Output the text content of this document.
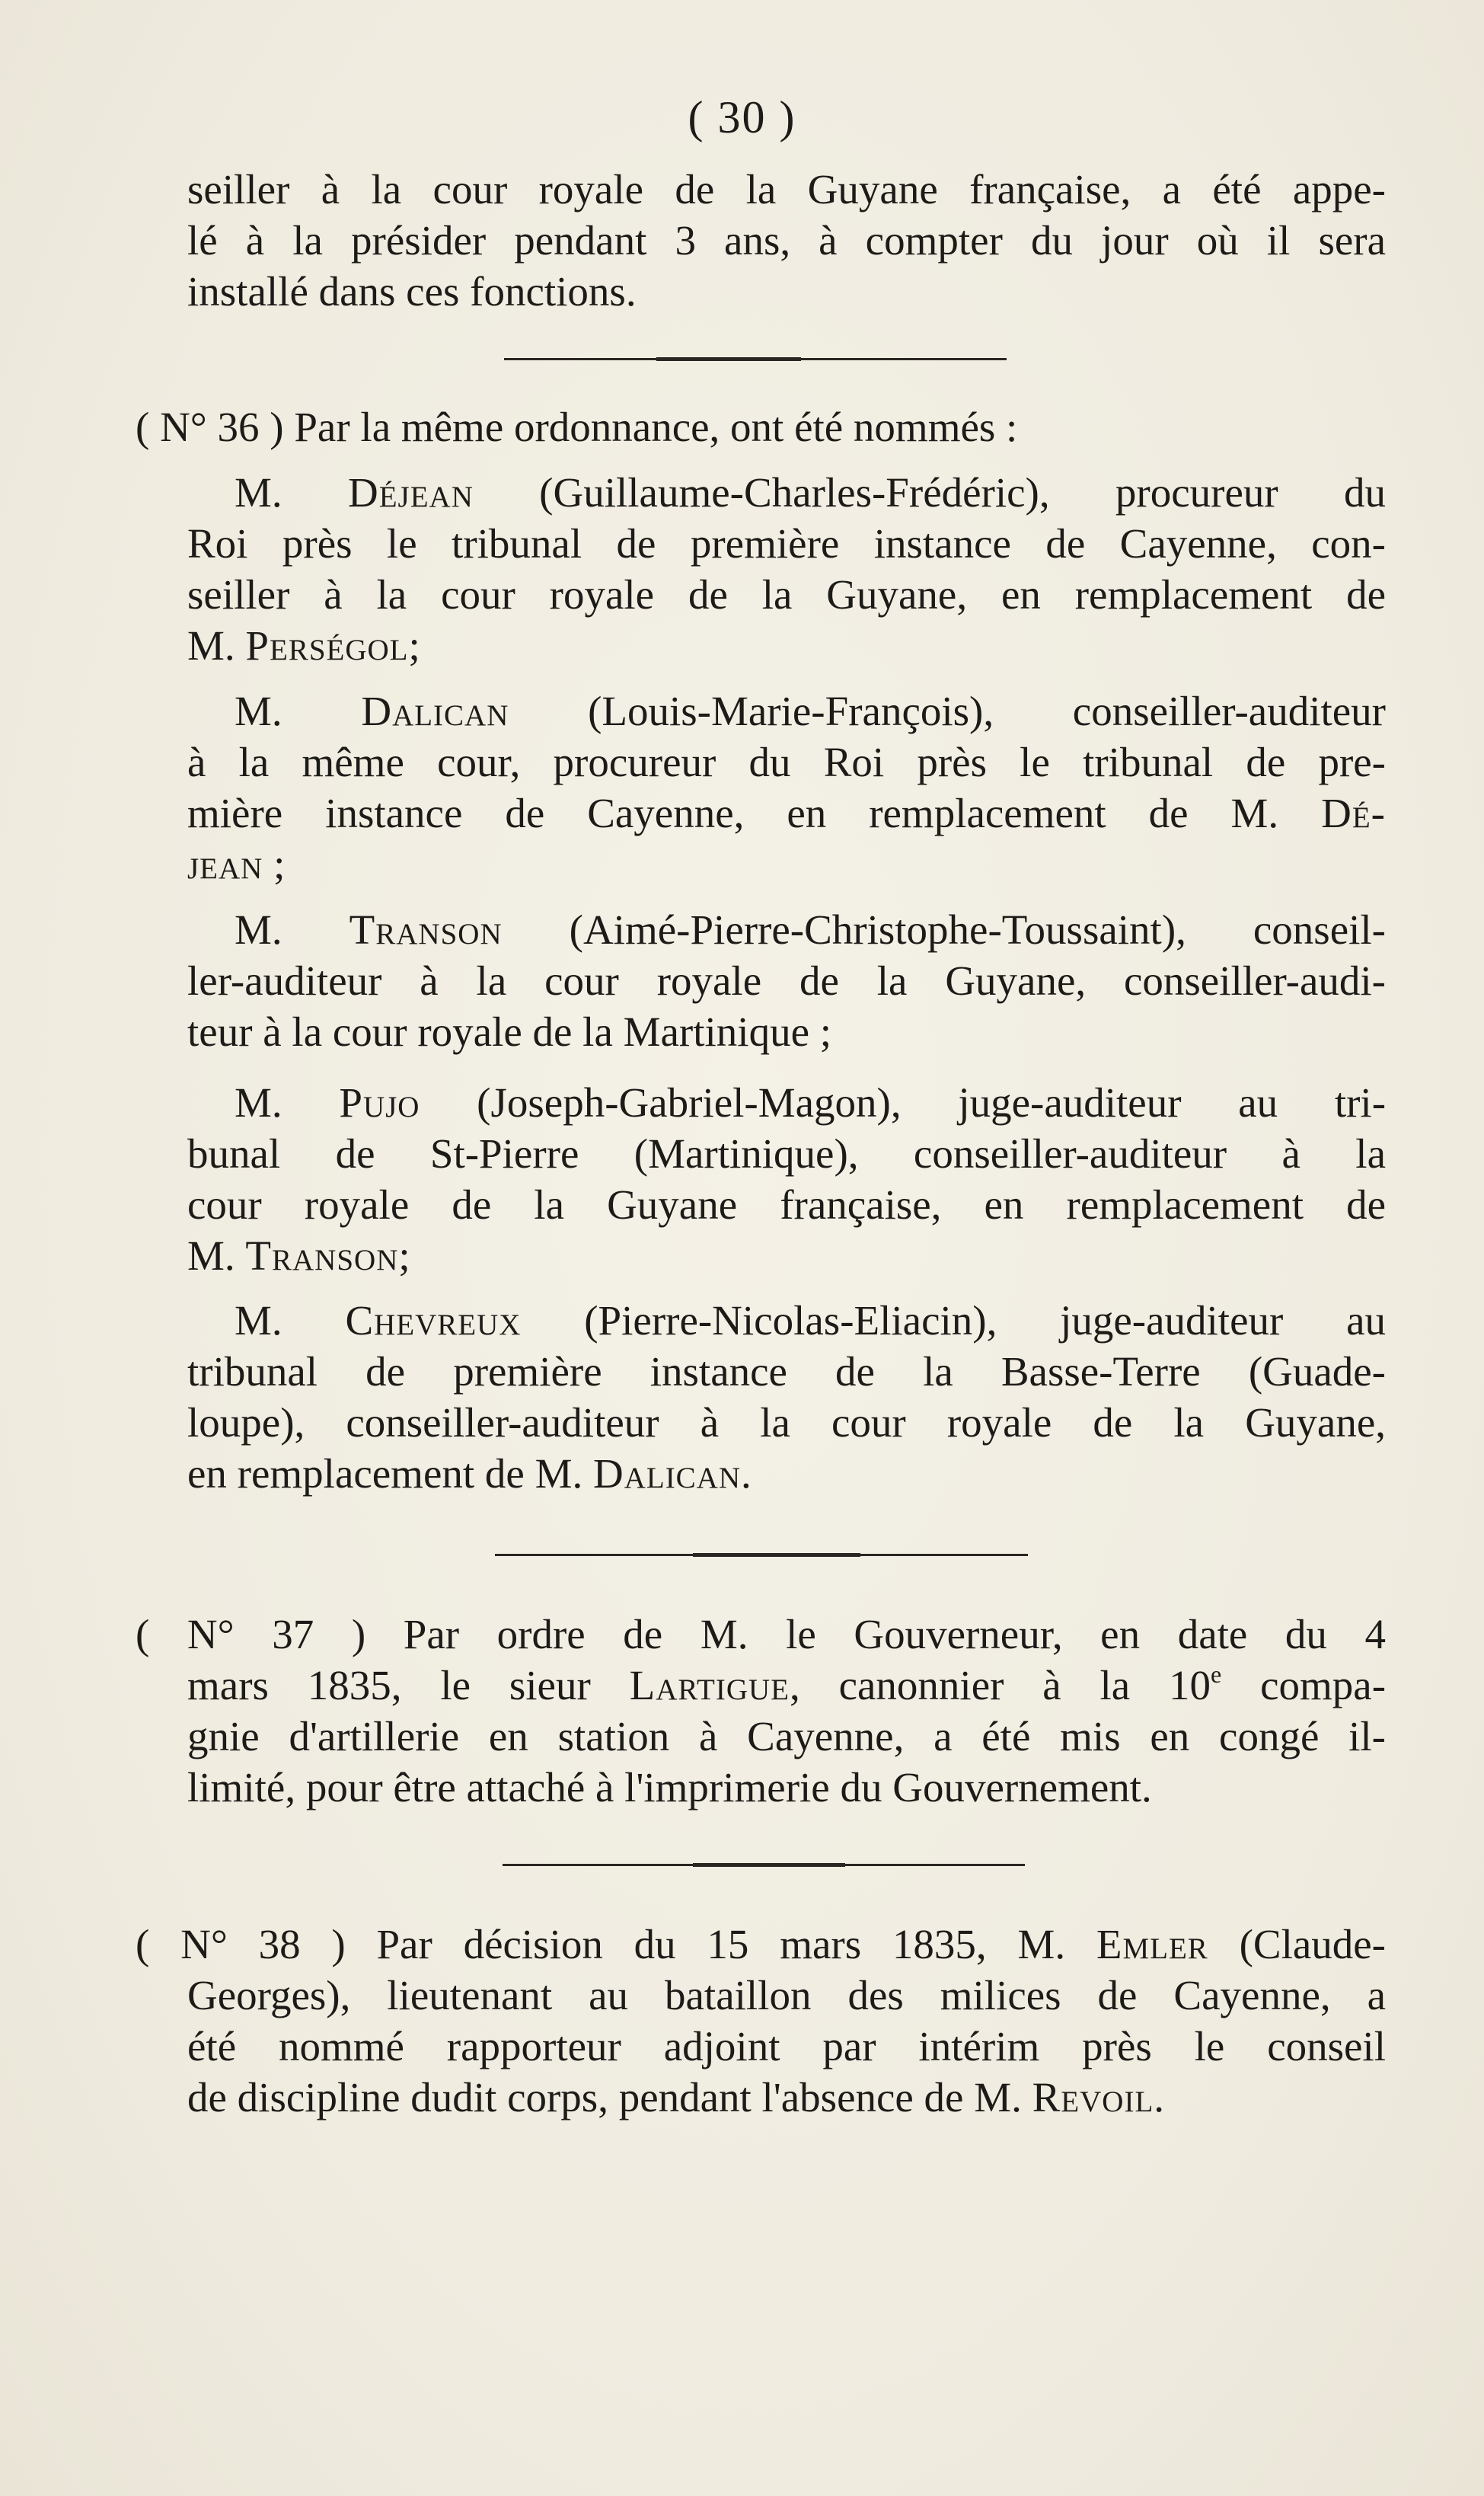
( 30 )
seiller à la cour royale de la Guyane française, a été appe-
lé à la présider pendant 3 ans, à compter du jour où il sera
installé dans ces fonctions.
( N° 36 ) Par la même ordonnance, ont été nommés :
M. Déjean (Guillaume-Charles-Frédéric), procureur du
Roi près le tribunal de première instance de Cayenne, con-
seiller à la cour royale de la Guyane, en remplacement de
M. Perségol;
M. Dalican (Louis-Marie-François), conseiller-auditeur
à la même cour, procureur du Roi près le tribunal de pre-
mière instance de Cayenne, en remplacement de M. Dé-
jean ;
M. Transon (Aimé-Pierre-Christophe-Toussaint), conseil-
ler-auditeur à la cour royale de la Guyane, conseiller-audi-
teur à la cour royale de la Martinique ;
M. Pujo (Joseph-Gabriel-Magon), juge-auditeur au tri-
bunal de St-Pierre (Martinique), conseiller-auditeur à la
cour royale de la Guyane française, en remplacement de
M. Transon;
M. Chevreux (Pierre-Nicolas-Eliacin), juge-auditeur au
tribunal de première instance de la Basse-Terre (Guade-
loupe), conseiller-auditeur à la cour royale de la Guyane,
en remplacement de M. Dalican.
( N° 37 ) Par ordre de M. le Gouverneur, en date du 4
mars 1835, le sieur Lartigue, canonnier à la 10e compa-
gnie d'artillerie en station à Cayenne, a été mis en congé il-
limité, pour être attaché à l'imprimerie du Gouvernement.
( N° 38 ) Par décision du 15 mars 1835, M. Emler (Claude-
Georges), lieutenant au bataillon des milices de Cayenne, a
été nommé rapporteur adjoint par intérim près le conseil
de discipline dudit corps, pendant l'absence de M. Revoil.
